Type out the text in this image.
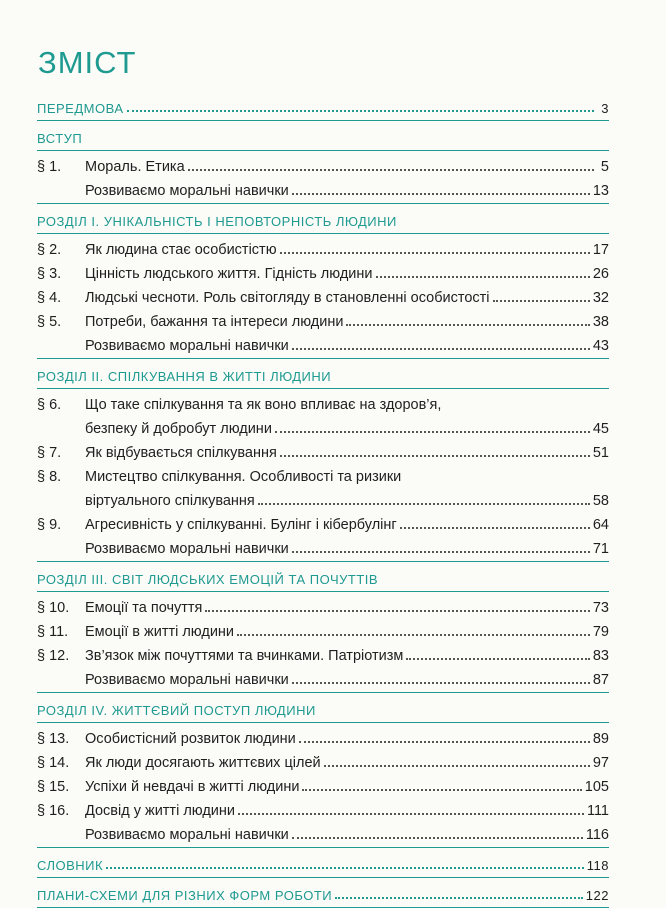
ЗМІСТ
ПЕРЕДМОВА	3
ВСТУП
§ 1.	Мораль. Етика	5
Розвиваємо моральні навички	13
РОЗДІЛ І. УНІКАЛЬНІСТЬ І НЕПОВТОРНІСТЬ ЛЮДИНИ
§ 2.	Як людина стає особистістю	17
§ 3.	Цінність людського життя. Гідність людини	26
§ 4.	Людські чесноти. Роль світогляду в становленні особистості	32
§ 5.	Потреби, бажання та інтереси людини	38
Розвиваємо моральні навички	43
РОЗДІЛ ІІ. СПІЛКУВАННЯ В ЖИТТІ ЛЮДИНИ
§ 6.	Що таке спілкування та як воно впливає на здоров’я,
безпеку й добробут людини	45
§ 7.	Як відбувається спілкування	51
§ 8.	Мистецтво спілкування. Особливості та ризики
віртуального спілкування	58
§ 9.	Агресивність у спілкуванні. Булінг і кібербулінг	64
Розвиваємо моральні навички	71
РОЗДІЛ ІІІ. СВІТ ЛЮДСЬКИХ ЕМОЦІЙ ТА ПОЧУТТІВ
§ 10.	Емоції та почуття	73
§ 11.	Емоції в житті людини	79
§ 12.	Зв’язок між почуттями та вчинками. Патріотизм	83
Розвиваємо моральні навички	87
РОЗДІЛ IV. ЖИТТЄВИЙ ПОСТУП ЛЮДИНИ
§ 13.	Особистісний розвиток людини	89
§ 14.	Як люди досягають життєвих цілей	97
§ 15.	Успіхи й невдачі в житті людини	105
§ 16.	Досвід у житті людини	111
Розвиваємо моральні навички	116
СЛОВНИК	118
ПЛАНИ-СХЕМИ ДЛЯ РІЗНИХ ФОРМ РОБОТИ	122
